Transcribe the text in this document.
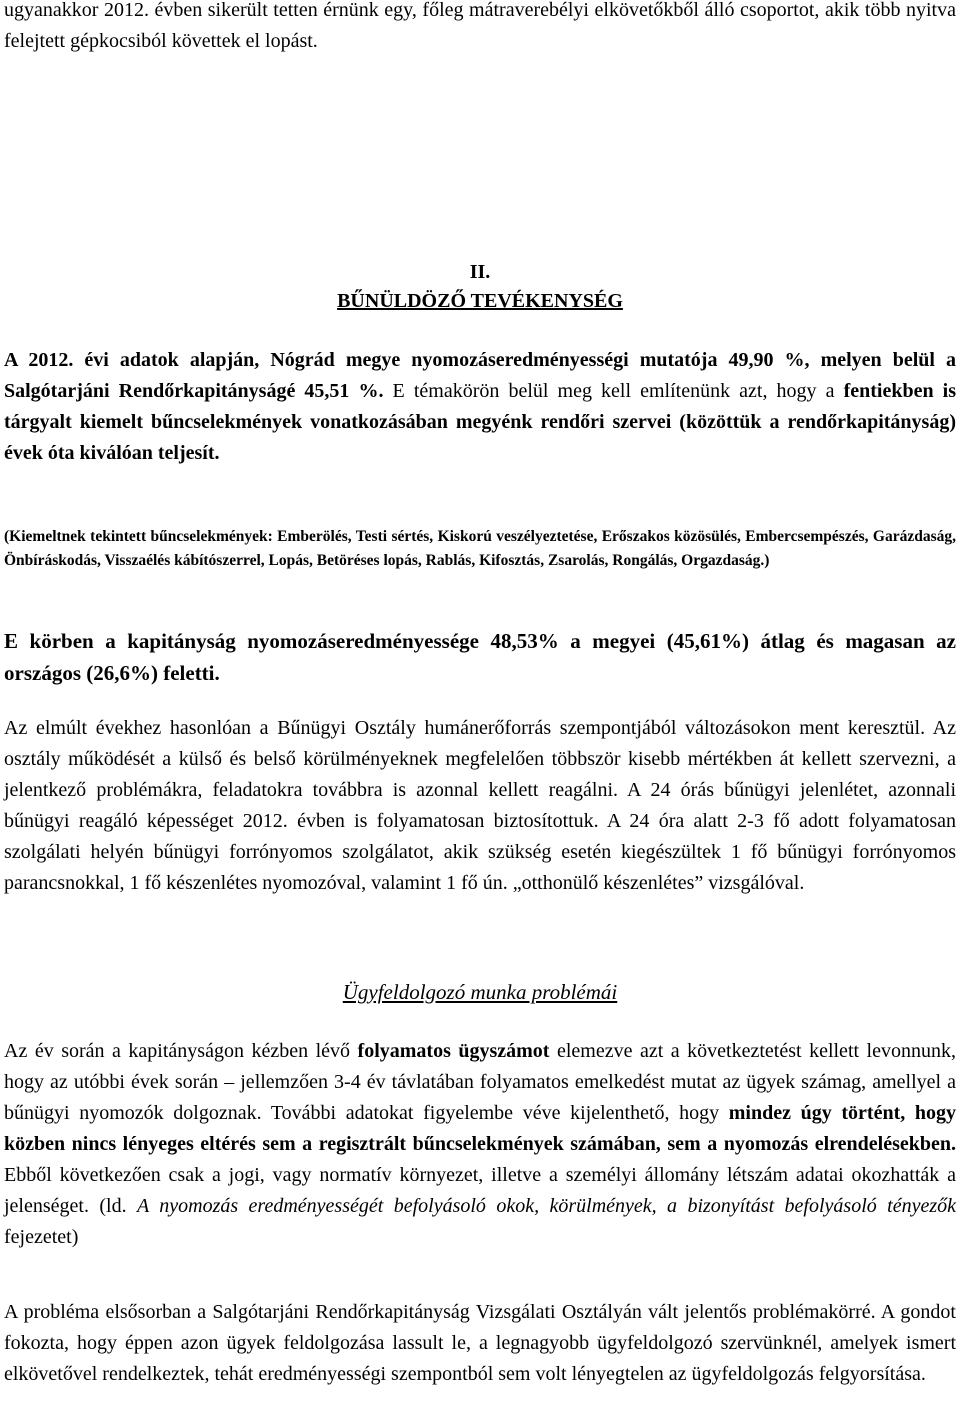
ugyanakkor 2012. évben sikerült tetten érnünk egy, főleg mátraverebélyi elkövetőkből álló csoportot, akik több nyitva felejtett gépkocsiból követtek el lopást.

II.

BŰNÜLDÖZŐ TEVÉKENYSÉG

A 2012. évi adatok alapján, Nógrád megye nyomozáseredményességi mutatója 49,90 %, melyen belül a Salgótarjáni Rendőrkapitányságé 45,51 %. E témakörön belül meg kell említenünk azt, hogy a fentiekben is tárgyalt kiemelt bűncselekmények vonatkozásában megyénk rendőri szervei (közöttük a rendőrkapitányság) évek óta kiválóan teljesít.

(Kiemeltnek tekintett bűncselekmények: Emberölés, Testi sértés, Kiskorú veszélyeztetése, Erőszakos közösülés, Embercsempészés, Garázdaság, Önbíráskodás, Visszaélés kábítószerrel, Lopás, Betöréses lopás, Rablás, Kifosztás, Zsarolás, Rongálás, Orgazdaság.)

E körben a kapitányság nyomozáseredményessége 48,53% a megyei (45,61%) átlag és magasan az országos (26,6%) feletti.

Az elmúlt évekhez hasonlóan a Bűnügyi Osztály humánerőforrás szempontjából változásokon ment keresztül. Az osztály működését a külső és belső körülményeknek megfelelően többször kisebb mértékben át kellett szervezni, a jelentkező problémákra, feladatokra továbbra is azonnal kellett reagálni. A 24 órás bűnügyi jelenlétet, azonnali bűnügyi reagáló képességet 2012. évben is folyamatosan biztosítottuk. A 24 óra alatt 2-3 fő adott folyamatosan szolgálati helyén bűnügyi forrónyomos szolgálatot, akik szükség esetén kiegészültek 1 fő bűnügyi forrónyomos parancsnokkal, 1 fő készenlétes nyomozóval, valamint 1 fő ún. „otthonülő készenlétes” vizsgálóval.

Ügyfeldolgozó munka problémái

Az év során a kapitányságon kézben lévő folyamatos ügyszámot elemezve azt a következtetést kellett levonnunk, hogy az utóbbi évek során – jellemzően 3-4 év távlatában folyamatos emelkedést mutat az ügyek számag, amellyel a bűnügyi nyomozók dolgoznak. További adatokat figyelembe véve kijelenthető, hogy mindez úgy történt, hogy közben nincs lényeges eltérés sem a regisztrált bűncselekmények számában, sem a nyomozás elrendelésekben. Ebből következően csak a jogi, vagy normatív környezet, illetve a személyi állomány létszám adatai okozhatták a jelenséget. (ld. A nyomozás eredményességét befolyásoló okok, körülmények, a bizonyítást befolyásoló tényezők fejezetet)

A probléma elsősorban a Salgótarjáni Rendőrkapitányság Vizsgálati Osztályán vált jelentős problémakörré. A gondot fokozta, hogy éppen azon ügyek feldolgozása lassult le, a legnagyobb ügyfeldolgozó szervünknél, amelyek ismert elkövetővel rendelkeztek, tehát eredményességi szempontból sem volt lényegtelen az ügyfeldolgozás felgyorsítása.
